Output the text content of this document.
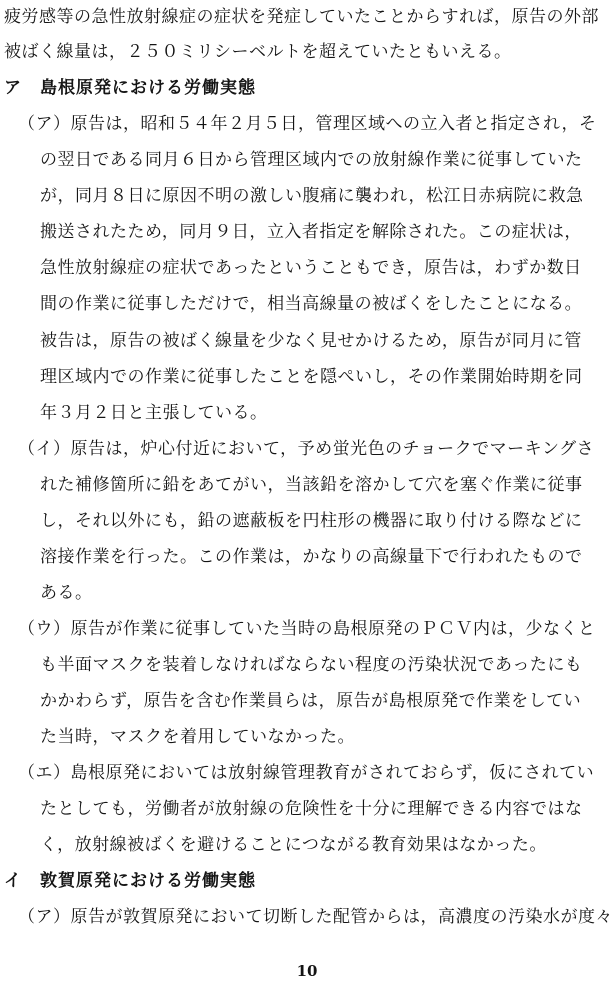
疲労感等の急性放射線症の症状を発症していたことからすれば，原告の外部
被ばく線量は，２５０ミリシーベルトを超えていたともいえる。
ア　島根原発における労働実態
（ア）原告は，昭和５４年２月５日，管理区域への立入者と指定され，そ
の翌日である同月６日から管理区域内での放射線作業に従事していた
が，同月８日に原因不明の激しい腹痛に襲われ，松江日赤病院に救急
搬送されたため，同月９日，立入者指定を解除された。この症状は，
急性放射線症の症状であったということもでき，原告は，わずか数日
間の作業に従事しただけで，相当高線量の被ばくをしたことになる。
被告は，原告の被ばく線量を少なく見せかけるため，原告が同月に管
理区域内での作業に従事したことを隠ぺいし，その作業開始時期を同
年３月２日と主張している。
（イ）原告は，炉心付近において，予め蛍光色のチョークでマーキングさ
れた補修箇所に鉛をあてがい，当該鉛を溶かして穴を塞ぐ作業に従事
し，それ以外にも，鉛の遮蔽板を円柱形の機器に取り付ける際などに
溶接作業を行った。この作業は，かなりの高線量下で行われたもので
ある。
（ウ）原告が作業に従事していた当時の島根原発のＰＣＶ内は，少なくと
も半面マスクを装着しなければならない程度の汚染状況であったにも
かかわらず，原告を含む作業員らは，原告が島根原発で作業をしてい
た当時，マスクを着用していなかった。
（エ）島根原発においては放射線管理教育がされておらず，仮にされてい
たとしても，労働者が放射線の危険性を十分に理解できる内容ではな
く，放射線被ばくを避けることにつながる教育効果はなかった。
イ　敦賀原発における労働実態
（ア）原告が敦賀原発において切断した配管からは，高濃度の汚染水が度々
10
